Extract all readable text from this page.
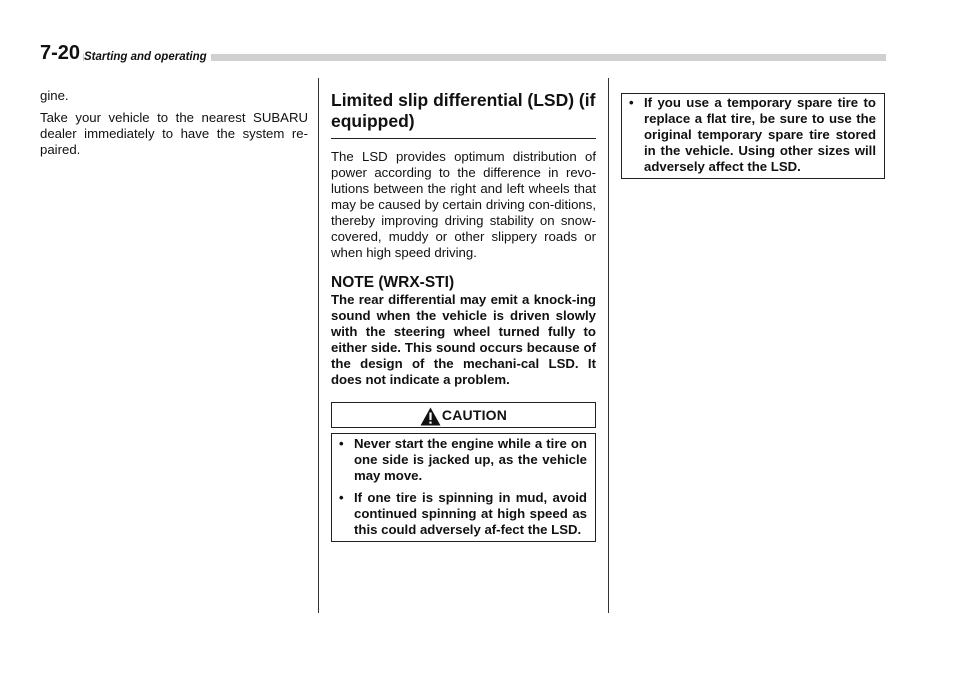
7-20 Starting and operating

gine.

Take your vehicle to the nearest SUBARU dealer immediately to have the system re-paired.

Limited slip differential (LSD) (if equipped)

The LSD provides optimum distribution of power according to the difference in revo-lutions between the right and left wheels that may be caused by certain driving con-ditions, thereby improving driving stability on snow-covered, muddy or other slippery roads or when high speed driving.

NOTE (WRX-STI)

The rear differential may emit a knock-ing sound when the vehicle is driven slowly with the steering wheel turned fully to either side. This sound occurs because of the design of the mechani-cal LSD. It does not indicate a problem.

CAUTION
• Never start the engine while a tire on one side is jacked up, as the vehicle may move.
• If one tire is spinning in mud, avoid continued spinning at high speed as this could adversely af-fect the LSD.
• If you use a temporary spare tire to replace a flat tire, be sure to use the original temporary spare tire stored in the vehicle. Using other sizes will adversely affect the LSD.
